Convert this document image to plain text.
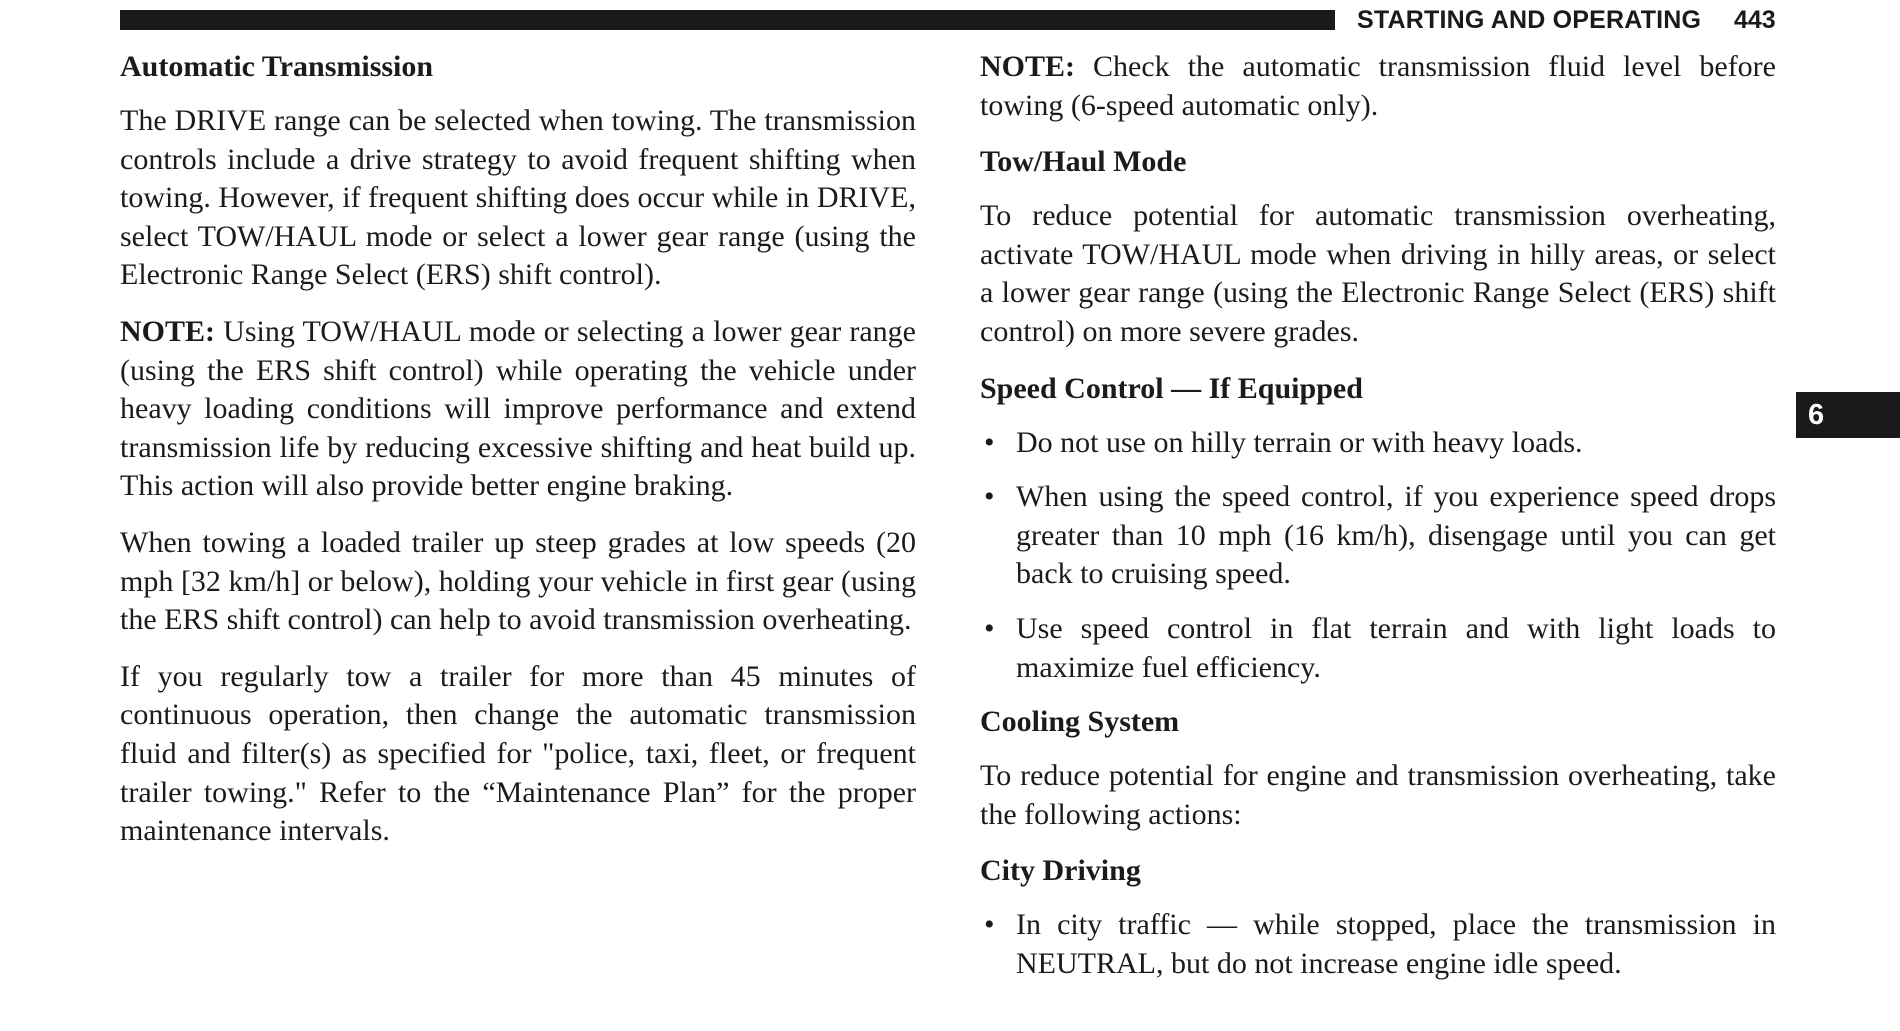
STARTING AND OPERATING 443
6
Automatic Transmission

The DRIVE range can be selected when towing. The transmission controls include a drive strategy to avoid frequent shifting when towing. However, if frequent shifting does occur while in DRIVE, select TOW/HAUL mode or select a lower gear range (using the Electronic Range Select (ERS) shift control).

NOTE: Using TOW/HAUL mode or selecting a lower gear range (using the ERS shift control) while operating the vehicle under heavy loading conditions will improve performance and extend transmission life by reducing excessive shifting and heat build up. This action will also provide better engine braking.

When towing a loaded trailer up steep grades at low speeds (20 mph [32 km/h] or below), holding your vehicle in first gear (using the ERS shift control) can help to avoid transmission overheating.

If you regularly tow a trailer for more than 45 minutes of continuous operation, then change the automatic transmission fluid and filter(s) as specified for "police, taxi, fleet, or frequent trailer towing." Refer to the “Maintenance Plan” for the proper maintenance intervals.

NOTE: Check the automatic transmission fluid level before towing (6-speed automatic only).

Tow/Haul Mode

To reduce potential for automatic transmission overheating, activate TOW/HAUL mode when driving in hilly areas, or select a lower gear range (using the Electronic Range Select (ERS) shift control) on more severe grades.

Speed Control — If Equipped
• Do not use on hilly terrain or with heavy loads.
• When using the speed control, if you experience speed drops greater than 10 mph (16 km/h), disengage until you can get back to cruising speed.
• Use speed control in flat terrain and with light loads to maximize fuel efficiency.
Cooling System

To reduce potential for engine and transmission overheating, take the following actions:

City Driving
• In city traffic — while stopped, place the transmission in NEUTRAL, but do not increase engine idle speed.
